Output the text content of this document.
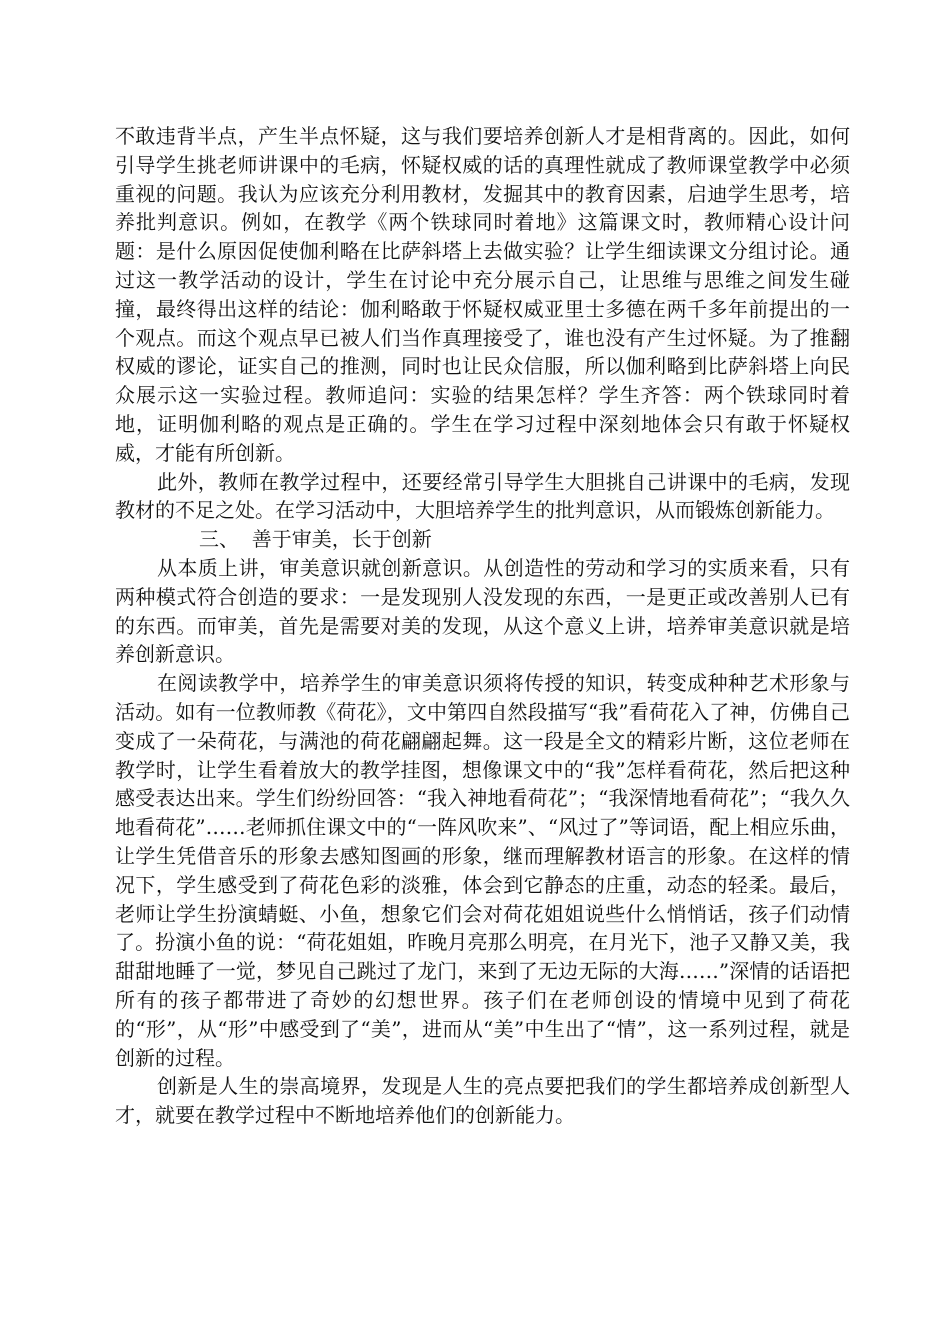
不敢违背半点，产生半点怀疑，这与我们要培养创新人才是相背离的。因此，如何引导学生挑老师讲课中的毛病，怀疑权威的话的真理性就成了教师课堂教学中必须重视的问题。我认为应该充分利用教材，发掘其中的教育因素，启迪学生思考，培养批判意识。例如，在教学《两个铁球同时着地》这篇课文时，教师精心设计问题：是什么原因促使伽利略在比萨斜塔上去做实验？让学生细读课文分组讨论。通过这一教学活动的设计，学生在讨论中充分展示自己，让思维与思维之间发生碰撞，最终得出这样的结论：伽利略敢于怀疑权威亚里士多德在两千多年前提出的一个观点。而这个观点早已被人们当作真理接受了，谁也没有产生过怀疑。为了推翻权威的谬论，证实自己的推测，同时也让民众信服，所以伽利略到比萨斜塔上向民众展示这一实验过程。教师追问：实验的结果怎样？学生齐答：两个铁球同时着地，证明伽利略的观点是正确的。学生在学习过程中深刻地体会只有敢于怀疑权威，才能有所创新。

此外，教师在教学过程中，还要经常引导学生大胆挑自己讲课中的毛病，发现教材的不足之处。在学习活动中，大胆培养学生的批判意识，从而锻炼创新能力。

三、  善于审美，长于创新

从本质上讲，审美意识就创新意识。从创造性的劳动和学习的实质来看，只有两种模式符合创造的要求：一是发现别人没发现的东西，一是更正或改善别人已有的东西。而审美，首先是需要对美的发现，从这个意义上讲，培养审美意识就是培养创新意识。

在阅读教学中，培养学生的审美意识须将传授的知识，转变成种种艺术形象与活动。如有一位教师教《荷花》，文中第四自然段描写“我”看荷花入了神，仿佛自己变成了一朵荷花，与满池的荷花翩翩起舞。这一段是全文的精彩片断，这位老师在教学时，让学生看着放大的教学挂图，想像课文中的“我”怎样看荷花，然后把这种感受表达出来。学生们纷纷回答：“我入神地看荷花”；“我深情地看荷花”；“我久久地看荷花”……老师抓住课文中的“一阵风吹来”、“风过了”等词语，配上相应乐曲，让学生凭借音乐的形象去感知图画的形象，继而理解教材语言的形象。在这样的情况下，学生感受到了荷花色彩的淡雅，体会到它静态的庄重，动态的轻柔。最后，老师让学生扮演蜻蜓、小鱼，想象它们会对荷花姐姐说些什么悄悄话，孩子们动情了。扮演小鱼的说：“荷花姐姐，昨晚月亮那么明亮，在月光下，池子又静又美，我甜甜地睡了一觉，梦见自己跳过了龙门，来到了无边无际的大海……”深情的话语把所有的孩子都带进了奇妙的幻想世界。孩子们在老师创设的情境中见到了荷花的“形”，从“形”中感受到了“美”，进而从“美”中生出了“情”，这一系列过程，就是创新的过程。

创新是人生的崇高境界，发现是人生的亮点要把我们的学生都培养成创新型人才，就要在教学过程中不断地培养他们的创新能力。
